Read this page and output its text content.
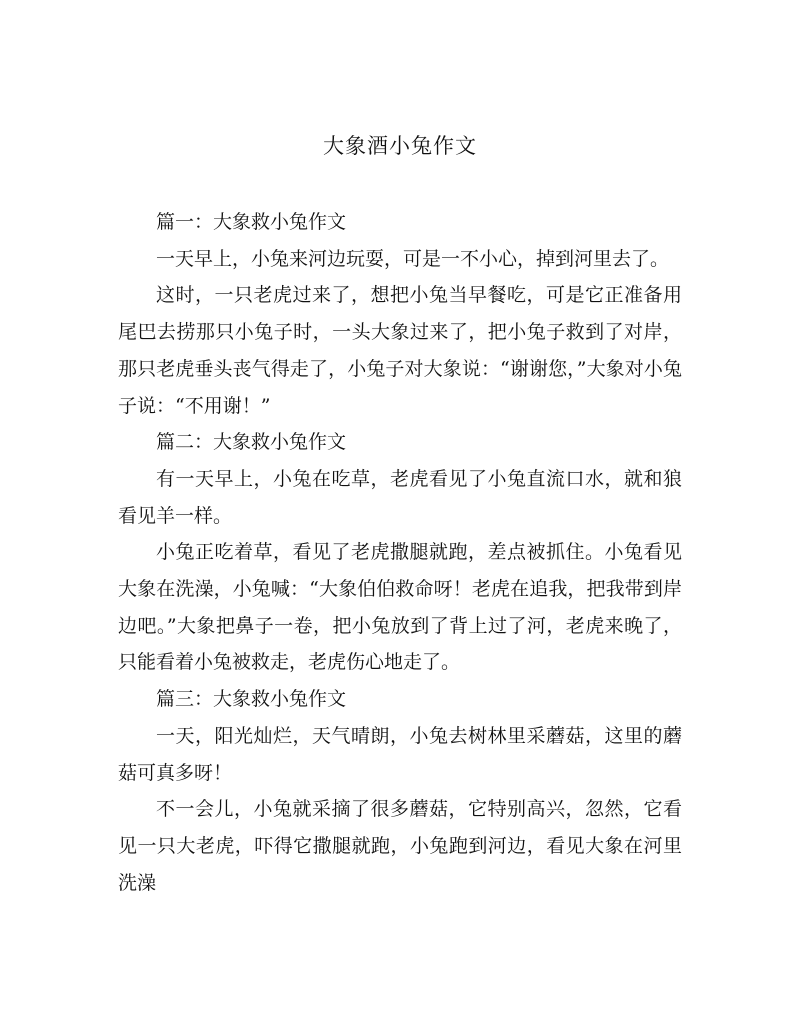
大象酒小兔作文

篇一：大象救小兔作文

一天早上，小兔来河边玩耍，可是一不小心，掉到河里去了。

这时，一只老虎过来了，想把小兔当早餐吃，可是它正准备用尾巴去捞那只小兔子时，一头大象过来了，把小兔子救到了对岸，那只老虎垂头丧气得走了，小兔子对大象说：“谢谢您，”大象对小兔子说：“不用谢！”

篇二：大象救小兔作文

有一天早上，小兔在吃草，老虎看见了小兔直流口水，就和狼看见羊一样。

小兔正吃着草，看见了老虎撒腿就跑，差点被抓住。小兔看见大象在洗澡，小兔喊：“大象伯伯救命呀！老虎在追我，把我带到岸边吧。”大象把鼻子一卷，把小兔放到了背上过了河，老虎来晚了，只能看着小兔被救走，老虎伤心地走了。

篇三：大象救小兔作文

一天，阳光灿烂，天气晴朗，小兔去树林里采蘑菇，这里的蘑菇可真多呀！

不一会儿，小兔就采摘了很多蘑菇，它特别高兴，忽然，它看见一只大老虎，吓得它撒腿就跑，小兔跑到河边，看见大象在河里洗澡
